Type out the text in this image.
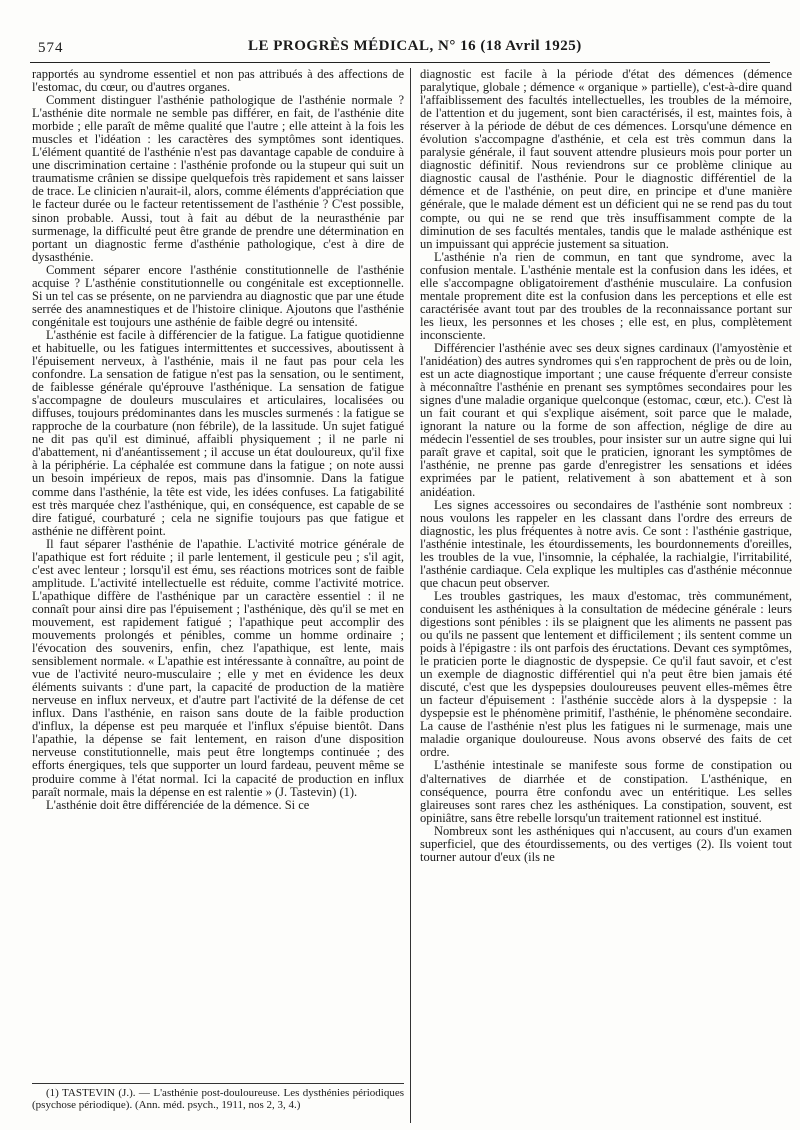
574	LE PROGRÈS MÉDICAL, N° 16 (18 Avril 1925)

rapportés au syndrome essentiel et non pas attribués à des affections de l'estomac, du cœur, ou d'autres organes.

Comment distinguer l'asthénie pathologique de l'asthénie normale ? L'asthénie dite normale ne semble pas différer, en fait, de l'asthénie dite morbide ; elle paraît de même qualité que l'autre ; elle atteint à la fois les muscles et l'idéation : les caractères des symptômes sont identiques. L'élément quantité de l'asthénie n'est pas davantage capable de conduire à une discrimination certaine : l'asthénie profonde ou la stupeur qui suit un traumatisme crânien se dissipe quelquefois très rapidement et sans laisser de trace. Le clinicien n'aurait-il, alors, comme éléments d'appréciation que le facteur durée ou le facteur retentissement de l'asthénie ? C'est possible, sinon probable. Aussi, tout à fait au début de la neurasthénie par surmenage, la difficulté peut être grande de prendre une détermination en portant un diagnostic ferme d'asthénie pathologique, c'est à dire de dysasthénie.

Comment séparer encore l'asthénie constitutionnelle de l'asthénie acquise ? L'asthénie constitutionnelle ou congénitale est exceptionnelle. Si un tel cas se présente, on ne parviendra au diagnostic que par une étude serrée des anamnestiques et de l'histoire clinique. Ajoutons que l'asthénie congénitale est toujours une asthénie de faible degré ou intensité.

L'asthénie est facile à différencier de la fatigue. La fatigue quotidienne et habituelle, ou les fatigues intermittentes et successives, aboutissent à l'épuisement nerveux, à l'asthénie, mais il ne faut pas pour cela les confondre. La sensation de fatigue n'est pas la sensation, ou le sentiment, de faiblesse générale qu'éprouve l'asthénique. La sensation de fatigue s'accompagne de douleurs musculaires et articulaires, localisées ou diffuses, toujours prédominantes dans les muscles surmenés : la fatigue se rapproche de la courbature (non fébrile), de la lassitude. Un sujet fatigué ne dit pas qu'il est diminué, affaibli physiquement ; il ne parle ni d'abattement, ni d'anéantissement ; il accuse un état douloureux, qu'il fixe à la périphérie. La céphalée est commune dans la fatigue ; on note aussi un besoin impérieux de repos, mais pas d'insomnie. Dans la fatigue comme dans l'asthénie, la tête est vide, les idées confuses. La fatigabilité est très marquée chez l'asthénique, qui, en conséquence, est capable de se dire fatigué, courbaturé ; cela ne signifie toujours pas que fatigue et asthénie ne diffèrent point.

Il faut séparer l'asthénie de l'apathie. L'activité motrice générale de l'apathique est fort réduite ; il parle lentement, il gesticule peu ; s'il agit, c'est avec lenteur ; lorsqu'il est ému, ses réactions motrices sont de faible amplitude. L'activité intellectuelle est réduite, comme l'activité motrice. L'apathique diffère de l'asthénique par un caractère essentiel : il ne connaît pour ainsi dire pas l'épuisement ; l'asthénique, dès qu'il se met en mouvement, est rapidement fatigué ; l'apathique peut accomplir des mouvements prolongés et pénibles, comme un homme ordinaire ; l'évocation des souvenirs, enfin, chez l'apathique, est lente, mais sensiblement normale. « L'apathie est intéressante à connaître, au point de vue de l'activité neuro-musculaire ; elle y met en évidence les deux éléments suivants : d'une part, la capacité de production de la matière nerveuse en influx nerveux, et d'autre part l'activité de la défense de cet influx. Dans l'asthénie, en raison sans doute de la faible production d'influx, la dépense est peu marquée et l'influx s'épuise bientôt. Dans l'apathie, la dépense se fait lentement, en raison d'une disposition nerveuse constitutionnelle, mais peut être longtemps continuée ; des efforts énergiques, tels que supporter un lourd fardeau, peuvent même se produire comme à l'état normal. Ici la capacité de production en influx paraît normale, mais la dépense en est ralentie » (J. Tastevin) (1).

L'asthénie doit être différenciée de la démence. Si ce

diagnostic est facile à la période d'état des démences (démence paralytique, globale ; démence « organique » partielle), c'est-à-dire quand l'affaiblissement des facultés intellectuelles, les troubles de la mémoire, de l'attention et du jugement, sont bien caractérisés, il est, maintes fois, à réserver à la période de début de ces démences. Lorsqu'une démence en évolution s'accompagne d'asthénie, et cela est très commun dans la paralysie générale, il faut souvent attendre plusieurs mois pour porter un diagnostic définitif. Nous reviendrons sur ce problème clinique au diagnostic causal de l'asthénie. Pour le diagnostic différentiel de la démence et de l'asthénie, on peut dire, en principe et d'une manière générale, que le malade dément est un déficient qui ne se rend pas du tout compte, ou qui ne se rend que très insuffisamment compte de la diminution de ses facultés mentales, tandis que le malade asthénique est un impuissant qui apprécie justement sa situation.

L'asthénie n'a rien de commun, en tant que syndrome, avec la confusion mentale. L'asthénie mentale est la confusion dans les idées, et elle s'accompagne obligatoirement d'asthénie musculaire. La confusion mentale proprement dite est la confusion dans les perceptions et elle est caractérisée avant tout par des troubles de la reconnaissance portant sur les lieux, les personnes et les choses ; elle est, en plus, complètement inconsciente.

Différencier l'asthénie avec ses deux signes cardinaux (l'amyostènie et l'anidéation) des autres syndromes qui s'en rapprochent de près ou de loin, est un acte diagnostique important ; une cause fréquente d'erreur consiste à méconnaître l'asthénie en prenant ses symptômes secondaires pour les signes d'une maladie organique quelconque (estomac, cœur, etc.). C'est là un fait courant et qui s'explique aisément, soit parce que le malade, ignorant la nature ou la forme de son affection, néglige de dire au médecin l'essentiel de ses troubles, pour insister sur un autre signe qui lui paraît grave et capital, soit que le praticien, ignorant les symptômes de l'asthénie, ne prenne pas garde d'enregistrer les sensations et idées exprimées par le patient, relativement à son abattement et à son anidéation.

Les signes accessoires ou secondaires de l'asthénie sont nombreux : nous voulons les rappeler en les classant dans l'ordre des erreurs de diagnostic, les plus fréquentes à notre avis. Ce sont : l'asthénie gastrique, l'asthénie intestinale, les étourdissements, les bourdonnements d'oreilles, les troubles de la vue, l'insomnie, la céphalée, la rachialgie, l'irritabilité, l'asthénie cardiaque. Cela explique les multiples cas d'asthénie méconnue que chacun peut observer.

Les troubles gastriques, les maux d'estomac, très communément, conduisent les asthéniques à la consultation de médecine générale : leurs digestions sont pénibles : ils se plaignent que les aliments ne passent pas ou qu'ils ne passent que lentement et difficilement ; ils sentent comme un poids à l'épigastre : ils ont parfois des éructations. Devant ces symptômes, le praticien porte le diagnostic de dyspepsie. Ce qu'il faut savoir, et c'est un exemple de diagnostic différentiel qui n'a peut être bien jamais été discuté, c'est que les dyspepsies douloureuses peuvent elles-mêmes être un facteur d'épuisement : l'asthénie succède alors à la dyspepsie : la dyspepsie est le phénomène primitif, l'asthénie, le phénomène secondaire. La cause de l'asthénie n'est plus les fatigues ni le surmenage, mais une maladie organique douloureuse. Nous avons observé des faits de cet ordre.

L'asthénie intestinale se manifeste sous forme de constipation ou d'alternatives de diarrhée et de constipation. L'asthénique, en conséquence, pourra être confondu avec un entéritique. Les selles glaireuses sont rares chez les asthéniques. La constipation, souvent, est opiniâtre, sans être rebelle lorsqu'un traitement rationnel est institué.

Nombreux sont les asthéniques qui n'accusent, au cours d'un examen superficiel, que des étourdissements, ou des vertiges (2). Ils voient tout tourner autour d'eux (ils ne

(1) TASTEVIN (J.). — L'asthénie post-douloureuse. Les dysthénies périodiques (psychose périodique). (Ann. méd. psych., 1911, nos 2, 3, 4.)
